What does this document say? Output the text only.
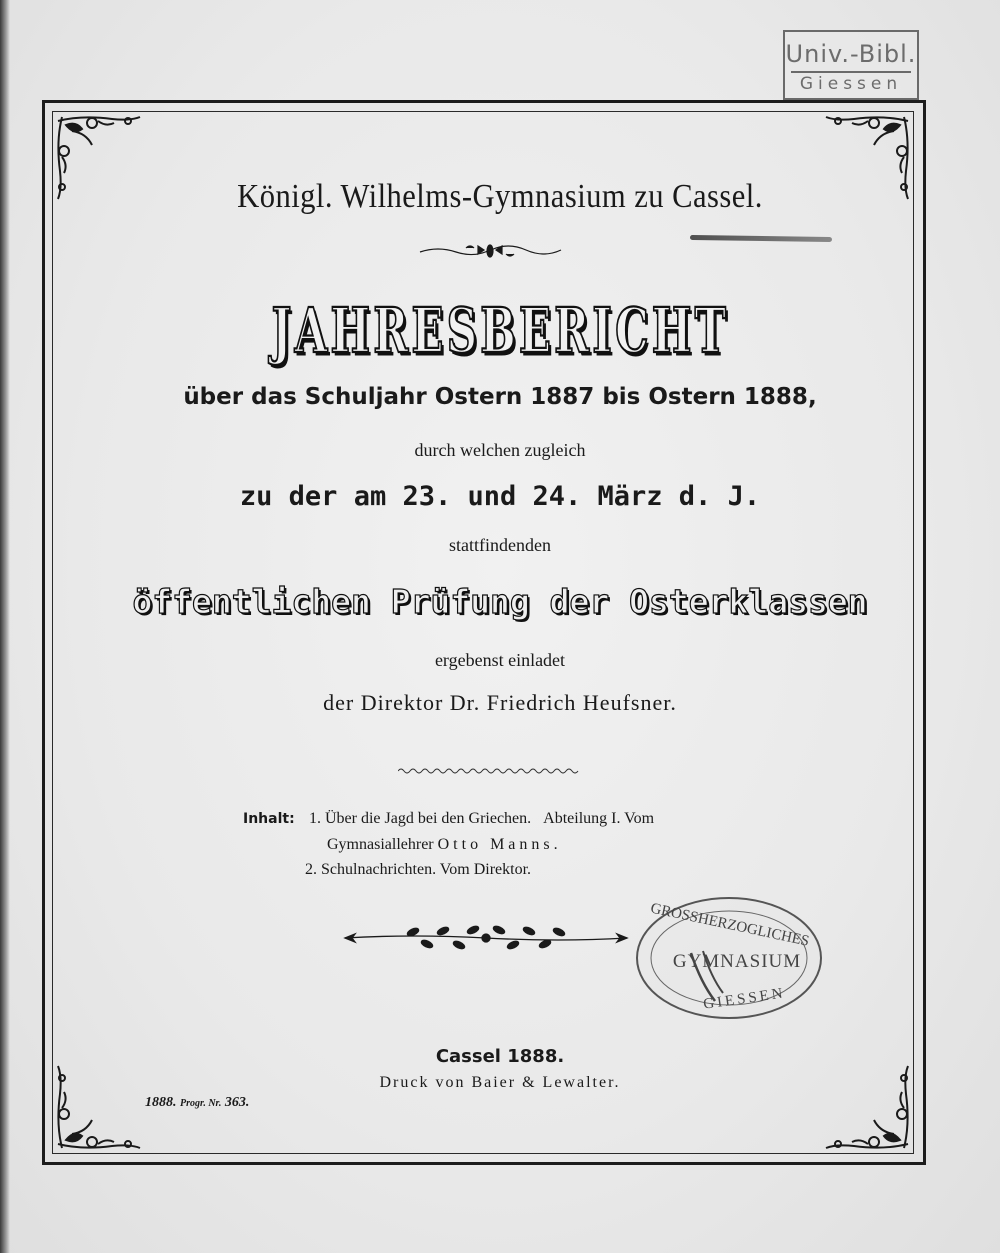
Univ.-Bibl.
Giessen
Königl. Wilhelms-Gymnasium zu Cassel.
JAHRESBERICHT
über das Schuljahr Ostern 1887 bis Ostern 1888,
durch welchen zugleich
zu der am 23. und 24. März d. J.
stattfindenden
öffentlichen Prüfung der Osterklassen
ergebenst einladet
der Direktor Dr. Friedrich Heufsner.
Inhalt: 1. Über die Jagd bei den Griechen. Abteilung I. Vom
Gymnasiallehrer Otto Manns.
2. Schulnachrichten. Vom Direktor.
GROSSHERZOGLICHES
GYMNASIUM
GIESSEN
Cassel 1888.
Druck von Baier & Lewalter.
1888. Progr. Nr. 363.
